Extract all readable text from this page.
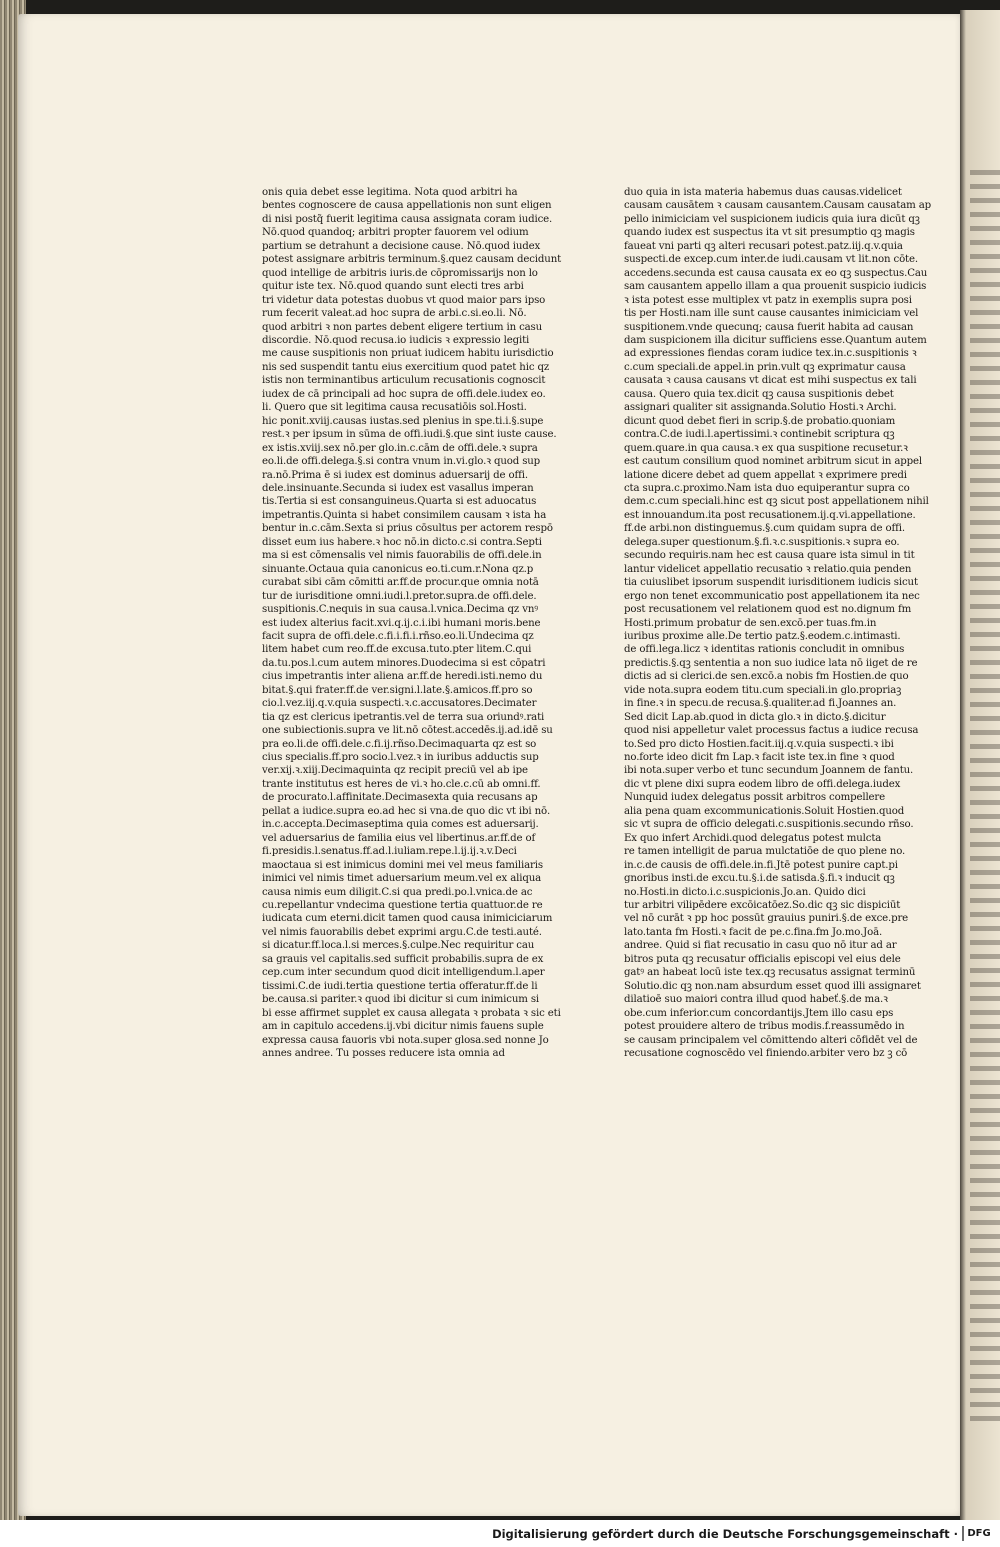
onis quia debet esse legitima. Nota quod arbitri ha
bentes cognoscere de causa appellationis non sunt eligen
di nisi postq̃ fuerit legitima causa assignata coram iudice.
Nō.quod quandoq; arbitri propter fauorem vel odium
partium se detrahunt a decisione cause. Nō.quod iudex
potest assignare arbitris terminum.§.quez causam decidunt
quod intellige de arbitris iuris.de cōpromissarijs non lo
quitur iste tex. Nō.quod quando sunt electi tres arbi
tri videtur data potestas duobus vt quod maior pars ipso
rum fecerit valeat.ad hoc supra de arbi.c.si.eo.li. Nō.
quod arbitri ꝛ non partes debent eligere tertium in casu
discordie. Nō.quod recusa.io iudicis ꝛ expressio legiti
me cause suspitionis non priuat iudicem habitu iurisdictio
nis sed suspendit tantu eius exercitium quod patet hic qz
istis non terminantibus articulum recusationis cognoscit
iudex de cā principali ad hoc supra de offi.dele.iudex eo.
li. Quero que sit legitima causa recusatiōis sol.Hosti.
hic ponit.xviij.causas iustas.sed plenius in spe.ti.i.§.supe
rest.ꝛ per ipsum in sūma de offi.iudi.§.que sint iuste cause.
ex istis.xviij.sex nō.per glo.in.c.cām de offi.dele.ꝛ supra
eo.li.de offi.delega.§.si contra vnum in.vi.glo.ꝛ quod sup
ra.nō.Prima ē si iudex est dominus aduersarij de offi.
dele.insinuante.Secunda si iudex est vasallus imperan
tis.Tertia si est consanguineus.Quarta si est aduocatus
impetrantis.Quinta si habet consimilem causam ꝛ ista ha
bentur in.c.cām.Sexta si prius cōsultus per actorem respō
disset eum ius habere.ꝛ hoc nō.in dicto.c.si contra.Septi
ma si est cōmensalis vel nimis fauorabilis de offi.dele.in
sinuante.Octaua quia canonicus eo.ti.cum.r.Nona qz.p
curabat sibi cām cōmitti ar.ff.de procur.que omnia notā
tur de iurisditione omni.iudi.l.pretor.supra.de offi.dele.
suspitionis.C.nequis in sua causa.l.vnica.Decima qz vnꝰ
est iudex alterius facit.xvi.q.ij.c.i.ibi humani moris.bene
facit supra de offi.dele.c.fi.i.fi.i.rñso.eo.li.Undecima qz
litem habet cum reo.ff.de excusa.tuto.pter litem.C.qui
da.tu.pos.l.cum autem minores.Duodecima si est cōpatri
cius impetrantis inter aliena ar.ff.de heredi.isti.nemo du
bitat.§.qui frater.ff.de ver.signi.l.late.§.amicos.ff.pro so
cio.l.vez.iij.q.v.quia suspecti.ꝛ.c.accusatores.Decimater
tia qz est clericus ipetrantis.vel de terra sua oriundꝰ.rati
one subiectionis.supra ve lit.nō cōtest.accedēs.ij.ad.idē su
pra eo.li.de offi.dele.c.fi.ij.rñso.Decimaquarta qz est so
cius specialis.ff.pro socio.l.vez.ꝛ in iuribus adductis sup
ver.xij.ꝛ.xiij.Decimaquinta qz recipit preciū vel ab ipe
trante institutus est heres de vi.ꝛ ho.cle.c.cū ab omni.ff.
de procurato.l.affinitate.Decimasexta quia recusans ap
pellat a iudice.supra eo.ad hec si vna.de quo dic vt ibi nō.
in.c.accepta.Decimaseptima quia comes est aduersarij.
vel aduersarius de familia eius vel libertinus.ar.ff.de of
fi.presidis.l.senatus.ff.ad.l.iuliam.repe.l.ij.ij.ꝛ.v.Deci
maoctaua si est inimicus domini mei vel meus familiaris
inimici vel nimis timet aduersarium meum.vel ex aliqua
causa nimis eum diligit.C.si qua predi.po.l.vnica.de ac
cu.repellantur vndecima questione tertia quattuor.de re
iudicata cum eterni.dicit tamen quod causa inimiciciarum
vel nimis fauorabilis debet exprimi argu.C.de testi.auté.
si dicatur.ff.loca.l.si merces.§.culpe.Nec requiritur cau
sa grauis vel capitalis.sed sufficit probabilis.supra de ex
cep.cum inter secundum quod dicit intelligendum.l.aper
tissimi.C.de iudi.tertia questione tertia offeratur.ff.de li
be.causa.si pariter.ꝛ quod ibi dicitur si cum inimicum si
bi esse affirmet supplet ex causa allegata ꝛ probata ꝛ sic eti
am in capitulo accedens.ij.vbi dicitur nimis fauens suple
expressa causa fauoris vbi nota.super glosa.sed nonne Jo
annes andree. Tu posses reducere ista omnia ad
duo quia in ista materia habemus duas causas.videlicet
causam causātem ꝛ causam causantem.Causam causatam ap
pello inimiciciam vel suspicionem iudicis quia iura dicūt qꝫ
quando iudex est suspectus ita vt sit presumptio qꝫ magis
faueat vni parti qꝫ alteri recusari potest.patz.iij.q.v.quia
suspecti.de excep.cum inter.de iudi.causam vt lit.non cōte.
accedens.secunda est causa causata ex eo qꝫ suspectus.Cau
sam causantem appello illam a qua prouenit suspicio iudicis
ꝛ ista potest esse multiplex vt patz in exemplis supra posi
tis per Hosti.nam ille sunt cause causantes inimiciciam vel
suspitionem.vnde quecunq; causa fuerit habita ad causan
dam suspicionem illa dicitur sufficiens esse.Quantum autem
ad expressiones fiendas coram iudice tex.in.c.suspitionis ꝛ
c.cum speciali.de appel.in prin.vult qꝫ exprimatur causa
causata ꝛ causa causans vt dicat est mihi suspectus ex tali
causa. Quero quia tex.dicit qꝫ causa suspitionis debet
assignari qualiter sit assignanda.Solutio Hosti.ꝛ Archi.
dicunt quod debet fieri in scrip.§.de probatio.quoniam
contra.C.de iudi.l.apertissimi.ꝛ continebit scriptura qꝫ
quem.quare.in qua causa.ꝛ ex qua suspitione recusetur.ꝛ
est cautum consilium quod nominet arbitrum sicut in appel
latione dicere debet ad quem appellat ꝛ exprimere predi
cta supra.c.proximo.Nam ista duo equiperantur supra co
dem.c.cum speciali.hinc est qꝫ sicut post appellationem nihil
est innouandum.ita post recusationem.ij.q.vi.appellatione.
ff.de arbi.non distinguemus.§.cum quidam supra de offi.
delega.super questionum.§.fi.ꝛ.c.suspitionis.ꝛ supra eo.
secundo requiris.nam hec est causa quare ista simul in tit
lantur videlicet appellatio recusatio ꝛ relatio.quia penden
tia cuiuslibet ipsorum suspendit iurisditionem iudicis sicut
ergo non tenet excommunicatio post appellationem ita nec
post recusationem vel relationem quod est no.dignum fm
Hosti.primum probatur de sen.excō.per tuas.fm.in
iuribus proxime alle.De tertio patz.§.eodem.c.intimasti.
de offi.lega.licz ꝛ identitas rationis concludit in omnibus
predictis.§.qꝫ sententia a non suo iudice lata nō iiget de re
dictis ad si clerici.de sen.excō.a nobis fm Hostien.de quo
vide nota.supra eodem titu.cum speciali.in glo.propriaꝫ
in fine.ꝛ in specu.de recusa.§.qualiter.ad fi.Joannes an.
Sed dicit Lap.ab.quod in dicta glo.ꝛ in dicto.§.dicitur
quod nisi appelletur valet processus factus a iudice recusa
to.Sed pro dicto Hostien.facit.iij.q.v.quia suspecti.ꝛ ibi
no.forte ideo dicit fm Lap.ꝛ facit iste tex.in fine ꝛ quod
ibi nota.super verbo et tunc secundum Joannem de fantu.
dic vt plene dixi supra eodem libro de offi.delega.iudex
Nunquid iudex delegatus possit arbitros compellere
alia pena quam excommunicationis.Soluit Hostien.quod
sic vt supra de officio delegati.c.suspitionis.secundo rñso.
Ex quo infert Archidi.quod delegatus potest mulcta
re tamen intelligit de parua mulctatiōe de quo plene no.
in.c.de causis de offi.dele.in.fi.Jtē potest punire capt.pi
gnoribus insti.de excu.tu.§.i.de satisda.§.fi.ꝛ inducit qꝫ
no.Hosti.in dicto.i.c.suspicionis.Jo.an. Quido dici
tur arbitri vilipēdere excōicatōez.So.dic qꝫ sic dispiciūt
vel nō curāt ꝛ pp hoc possūt grauius puniri.§.de exce.pre
lato.tanta fm Hosti.ꝛ facit de pe.c.fina.fm Jo.mo.Joā.
andree. Quid si fiat recusatio in casu quo nō itur ad ar
bitros puta qꝫ recusatur officialis episcopi vel eius dele
gatꝰ an habeat locū iste tex.qꝫ recusatus assignat terminū
Solutio.dic qꝫ non.nam absurdum esset quod illi assignaret
dilatioē suo maiori contra illud quod habeť.§.de ma.ꝛ
obe.cum inferior.cum concordantijs.Jtem illo casu eps
potest prouidere altero de tribus modis.f.reassumēdo in
se causam principalem vel cōmittendo alteri cōfidēt vel de
recusatione cognoscēdo vel finiendo.arbiter vero bz ꝫ cō
Digitalisierung gefördert durch die Deutsche Forschungsgemeinschaft · DFG
